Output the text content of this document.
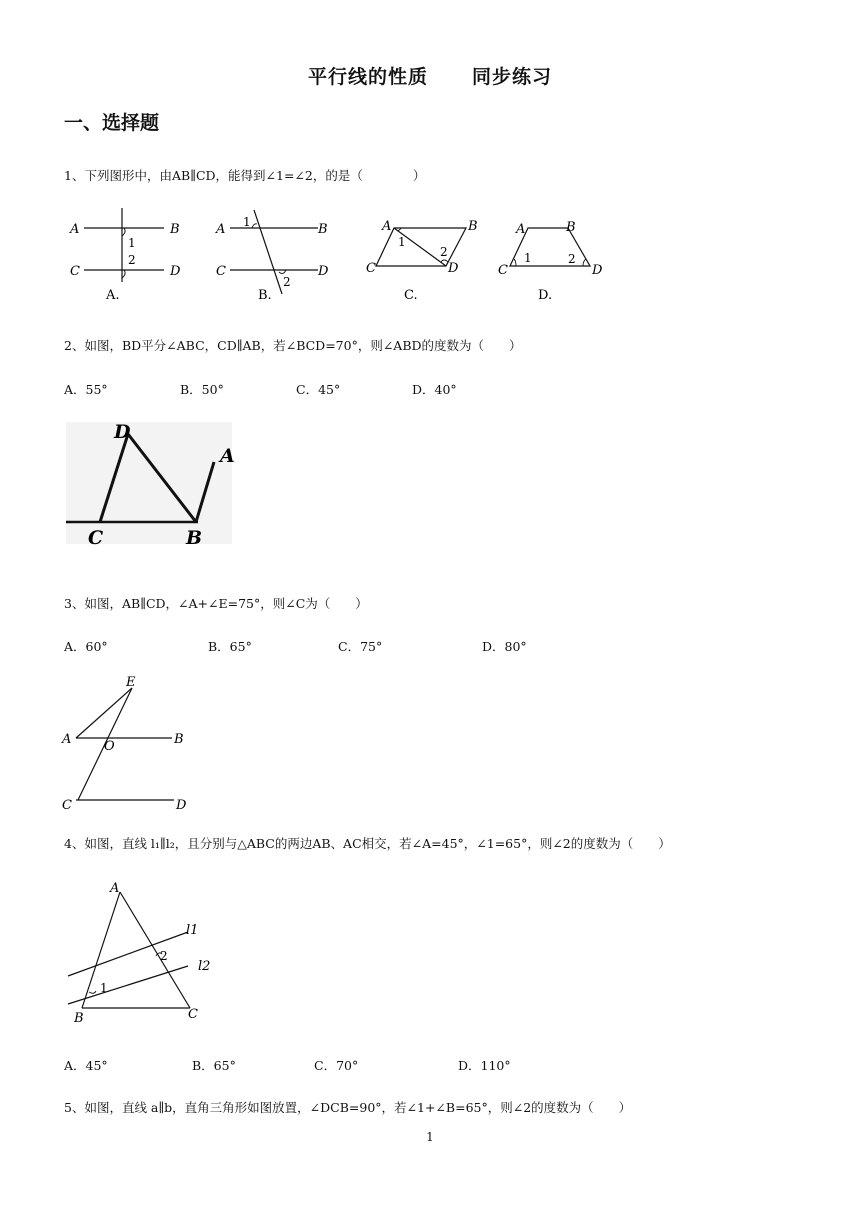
平行线的性质 同步练习
一、选择题
1、下列图形中，由AB∥CD，能得到∠1=∠2，的是（　　　　）
A	B
C	D
1
2
A.
A	B
C	D
1
2
B.
A	B
C	D
1
2
C.
A	B
C	D
1	2
D.
2、如图，BD平分∠ABC，CD∥AB，若∠BCD=70°，则∠ABD的度数为（　　）
A．55°	B．50°	C．45°	D．40°
D
A
C	B
3、如图，AB∥CD，∠A+∠E=75°，则∠C为（　　）
A．60°	B．65°	C．75°	D．80°
E
A	O	B
C	D
4、如图，直线 l₁∥l₂，且分别与△ABC的两边AB、AC相交，若∠A=45°，∠1=65°，则∠2的度数为（　　）
A
l1
2
l2
1
B	C
A．45°	B．65°	C．70°	D．110°
5、如图，直线 a∥b，直角三角形如图放置，∠DCB=90°，若∠1+∠B=65°，则∠2的度数为（　　）
1
